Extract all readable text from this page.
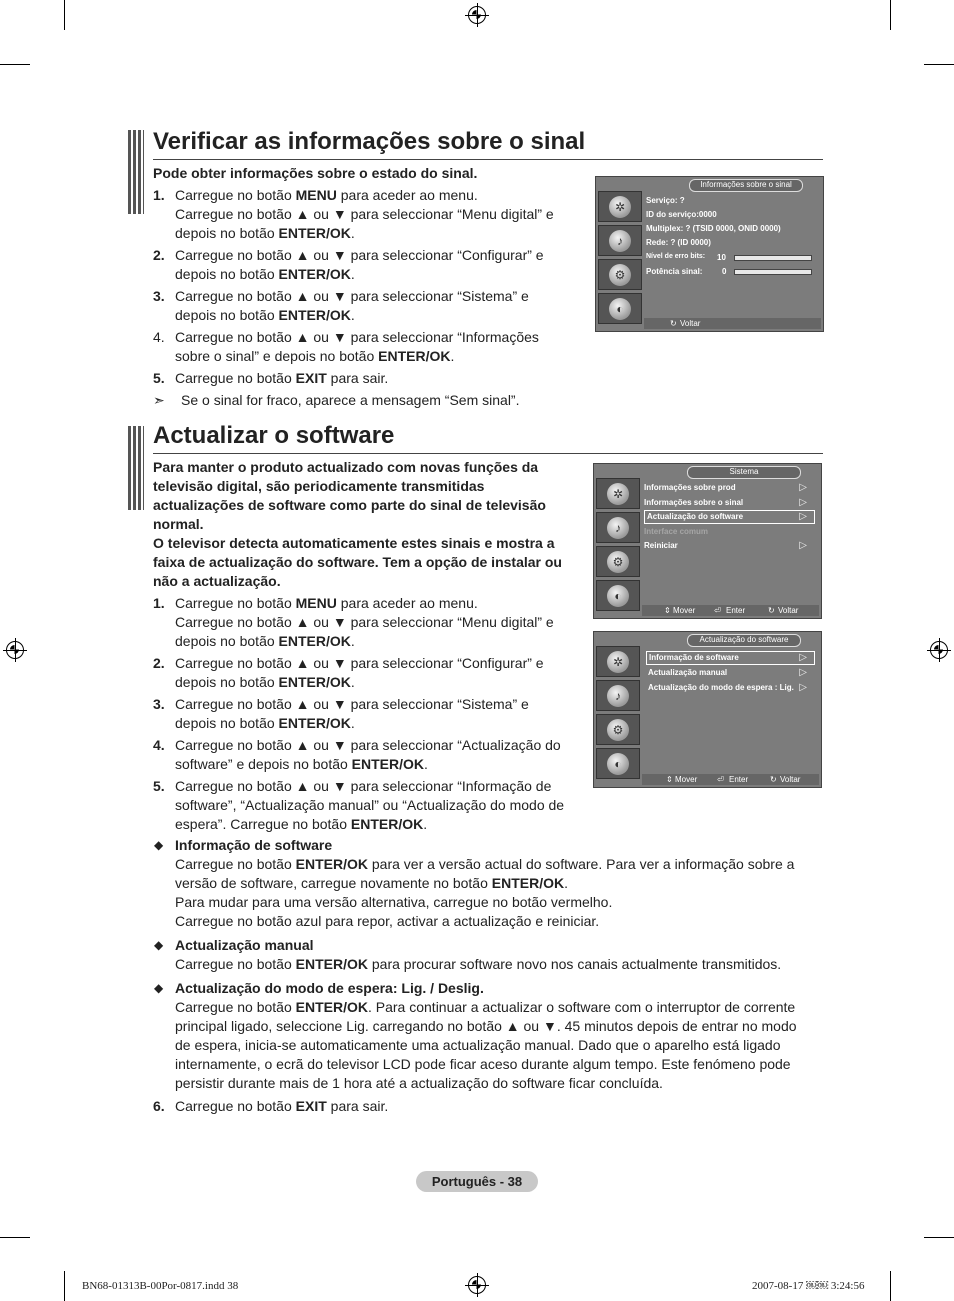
Verificar as informações sobre o sinal
Pode obter informações sobre o estado do sinal.
1. Carregue no botão MENU para aceder ao menu.
Carregue no botão ▲ ou ▼ para seleccionar “Menu digital” e depois no botão ENTER/OK.
2. Carregue no botão ▲ ou ▼ para seleccionar “Configurar” e depois no botão ENTER/OK.
3. Carregue no botão ▲ ou ▼ para seleccionar “Sistema” e depois no botão ENTER/OK.
4. Carregue no botão ▲ ou ▼ para seleccionar “Informações sobre o sinal” e depois no botão ENTER/OK.
5. Carregue no botão EXIT para sair.
➣ Se o sinal for fraco, aparece a mensagem “Sem sinal”.
Informações sobre o sinal
✲
♪
⚙
◐
Serviço: ?
ID do serviço:0000
Multiplex: ? (TSID 0000, ONID 0000)
Rede: ? (ID 0000)
Nível de erro bits: 10
Potência sinal: 0
↻ Voltar
Actualizar o software
Para manter o produto actualizado com novas funções da televisão digital, são periodicamente transmitidas actualizações de software como parte do sinal de televisão normal.
O televisor detecta automaticamente estes sinais e mostra a faixa de actualização do software. Tem a opção de instalar ou não a actualização.
1. Carregue no botão MENU para aceder ao menu.
Carregue no botão ▲ ou ▼ para seleccionar “Menu digital” e depois no botão ENTER/OK.
2. Carregue no botão ▲ ou ▼ para seleccionar “Configurar” e depois no botão ENTER/OK.
3. Carregue no botão ▲ ou ▼ para seleccionar “Sistema” e depois no botão ENTER/OK.
4. Carregue no botão ▲ ou ▼ para seleccionar “Actualização do software” e depois no botão ENTER/OK.
5. Carregue no botão ▲ ou ▼ para seleccionar “Informação de software”, “Actualização manual” ou “Actualização do modo de espera”. Carregue no botão ENTER/OK.
◆ Informação de software
Carregue no botão ENTER/OK para ver a versão actual do software. Para ver a informação sobre a versão de software, carregue novamente no botão ENTER/OK.
Para mudar para uma versão alternativa, carregue no botão vermelho.
Carregue no botão azul para repor, activar a actualização e reiniciar.
◆ Actualização manual
Carregue no botão ENTER/OK para procurar software novo nos canais actualmente transmitidos.
◆ Actualização do modo de espera: Lig. / Deslig.
Carregue no botão ENTER/OK. Para continuar a actualizar o software com o interruptor de corrente principal ligado, seleccione Lig. carregando no botão ▲ ou ▼. 45 minutos depois de entrar no modo de espera, inicia-se automaticamente uma actualização manual. Dado que o aparelho está ligado internamente, o ecrã do televisor LCD pode ficar aceso durante algum tempo. Este fenómeno pode persistir durante mais de 1 hora até a actualização do software ficar concluída.
6. Carregue no botão EXIT para sair.
Sistema
✲
♪
⚙
◐
Informações sobre prod	▷
Informações sobre o sinal	▷
Actualização do software	▷
Interface comum
Reiniciar	▷
⇕ Mover ⏎ Enter	↻ Voltar
Actualização do software
✲
♪
⚙
◐
Informação de software	▷
Actualização manual	▷
Actualização do modo de espera : Lig. ▷
⇕ Mover ⏎ Enter	↻ Voltar
Português - 38
BN68-01313B-00Por-0817.indd 38	2007-08-17 ￼￼ 3:24:56
